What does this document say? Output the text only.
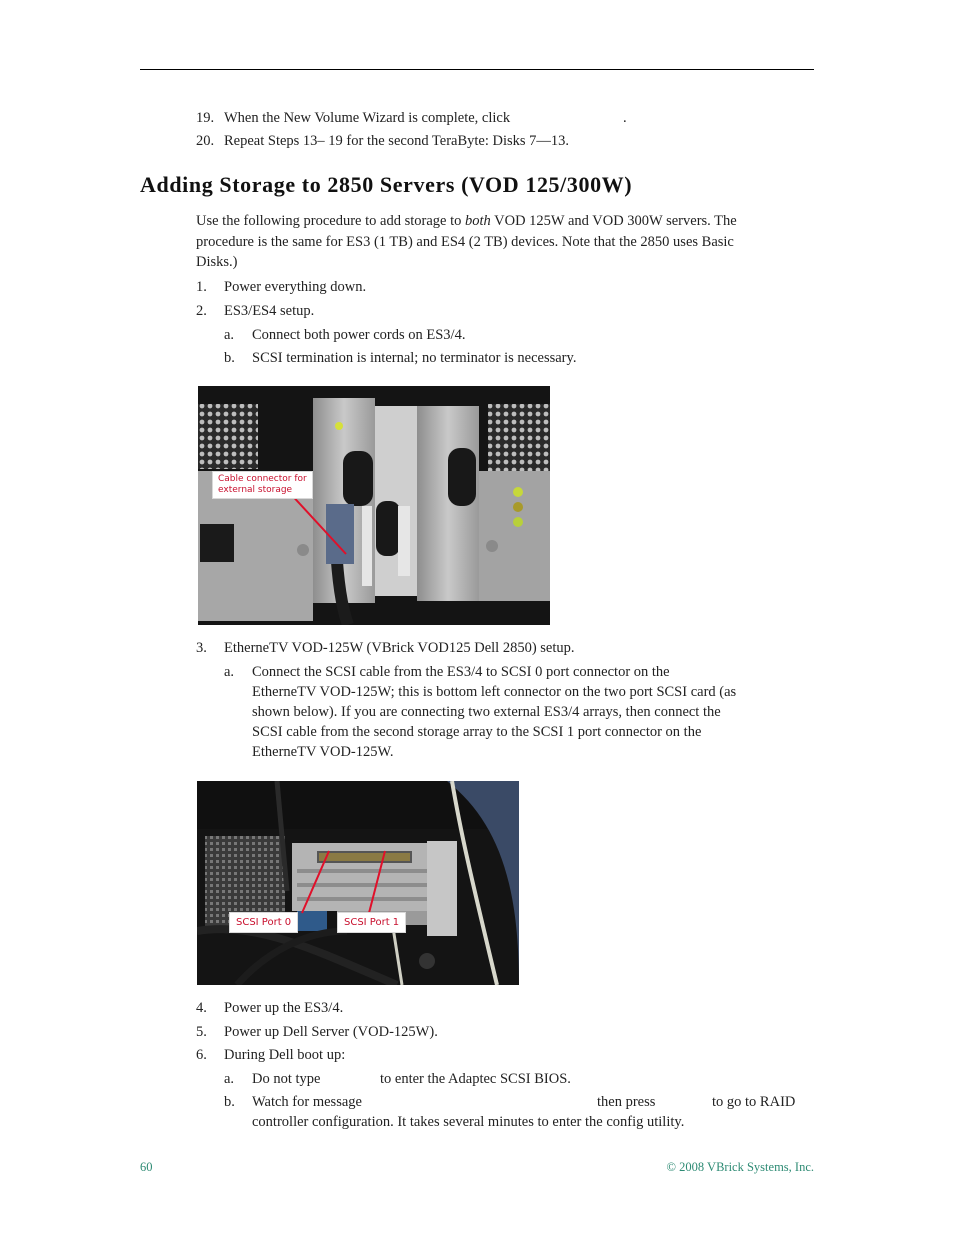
19. When the New Volume Wizard is complete, click	.
20. Repeat Steps 13– 19 for the second TeraByte: Disks 7—13.
Adding Storage to 2850 Servers (VOD 125/300W)
Use the following procedure to add storage to both VOD 125W and VOD 300W servers. The
procedure is the same for ES3 (1 TB) and ES4 (2 TB) devices. Note that the 2850 uses Basic
Disks.)
1. Power everything down.
2. ES3/ES4 setup.
a. Connect both power cords on ES3/4.
b. SCSI termination is internal; no terminator is necessary.
Cable connector for
external storage
3. EtherneTV VOD-125W (VBrick VOD125 Dell 2850) setup.
a. Connect the SCSI cable from the ES3/4 to SCSI 0 port connector on the
EtherneTV VOD-125W; this is bottom left connector on the two port SCSI card (as
shown below). If you are connecting two external ES3/4 arrays, then connect the
SCSI cable from the second storage array to the SCSI 1 port connector on the
EtherneTV VOD-125W.
SCSI Port 0	SCSI Port 1
4. Power up the ES3/4.
5. Power up Dell Server (VOD-125W).
6. During Dell boot up:
a. Do not type	to enter the Adaptec SCSI BIOS.
b. Watch for message	then press	to go to RAID
controller configuration. It takes several minutes to enter the config utility.
60	© 2008 VBrick Systems, Inc.
